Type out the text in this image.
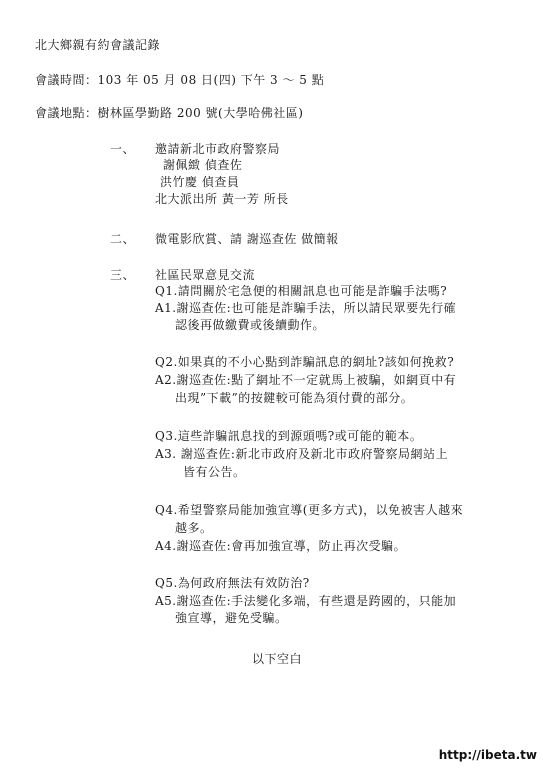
北大鄉親有約會議記錄
會議時間：103 年 05 月 08 日(四) 下午 3 ～ 5 點
會議地點：樹林區學勤路 200 號(大學哈佛社區)
一、 邀請新北市政府警察局
謝佩緻 偵查佐
洪竹慶 偵查員
北大派出所 黃一芳 所長
二、 微電影欣賞、請 謝巡查佐 做簡報
三、 社區民眾意見交流
Q1.請問關於宅急便的相關訊息也可能是詐騙手法嗎?
A1.謝巡查佐:也可能是詐騙手法，所以請民眾要先行確
認後再做繳費或後續動作。
Q2.如果真的不小心點到詐騙訊息的網址?該如何挽救?
A2.謝巡查佐:點了網址不一定就馬上被騙，如網頁中有
出現”下載”的按鍵較可能為須付費的部分。
Q3.這些詐騙訊息找的到源頭嗎?或可能的範本。
A3. 謝巡查佐:新北市政府及新北市政府警察局網站上
皆有公告。
Q4.希望警察局能加強宣導(更多方式)，以免被害人越來
越多。
A4.謝巡查佐:會再加強宣導，防止再次受騙。
Q5.為何政府無法有效防治?
A5.謝巡查佐:手法變化多端，有些還是跨國的，只能加
強宣導，避免受騙。
以下空白
http://ibeta.tw
